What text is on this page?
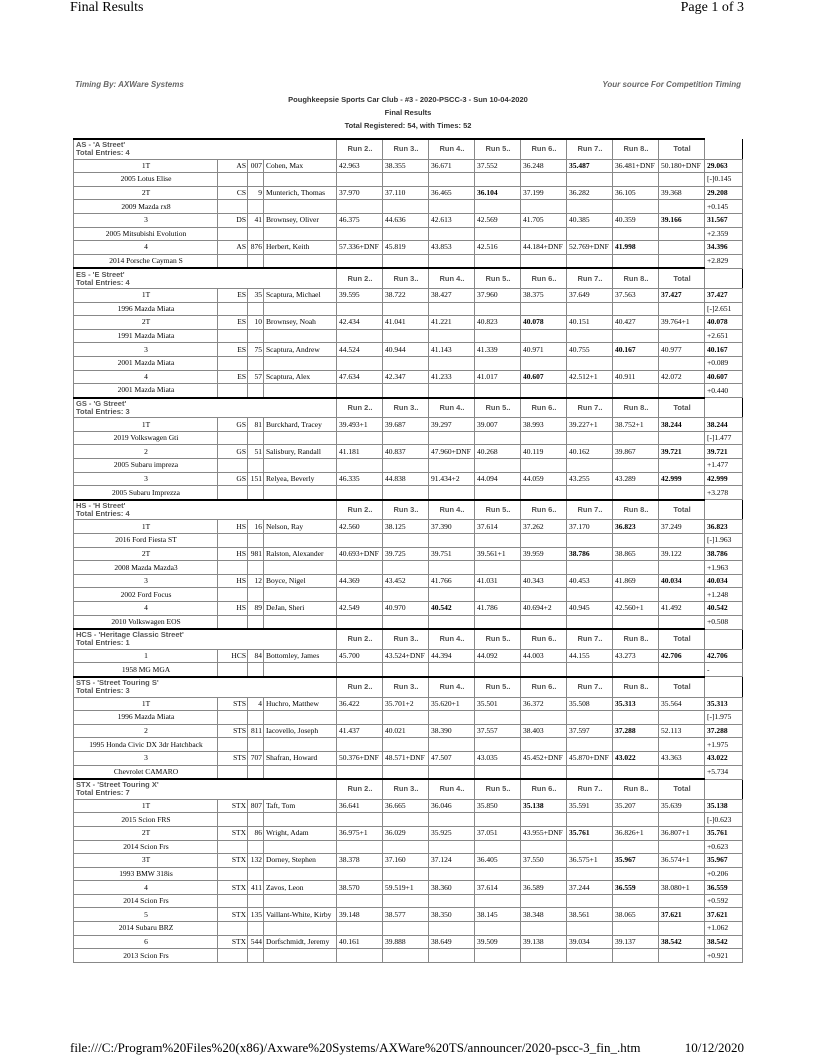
Final Results	Page 1 of 3
Timing By: AXWare Systems	Your source For Competition Timing
Poughkeepsie Sports Car Club - #3 - 2020-PSCC-3 - Sun 10-04-2020
Final Results
Total Registered: 54, with Times: 52
AS - 'A Street'
Total Entries: 4				Run 2..	Run 3..	Run 4..	Run 5..	Run 6..	Run 7..	Run 8..	Total	
1T	AS	007	Cohen, Max	42.963	38.355	36.671	37.552	36.248	35.487	36.481+DNF	50.180+DNF	29.063
2005 Lotus Elise												[-]0.145
2T	CS	9	Munterich, Thomas	37.970	37.110	36.465	36.104	37.199	36.282	36.105	39.368	29.208
2009 Mazda rx8												+0.145
3	DS	41	Brownsey, Oliver	46.375	44.636	42.613	42.569	41.705	40.385	40.359	39.166	31.567
2005 Mitsubishi Evolution												+2.359
4	AS	876	Herbert, Keith	57.336+DNF	45.819	43.853	42.516	44.184+DNF	52.769+DNF	41.998		34.396
2014 Porsche Cayman S												+2.829

ES - 'E Street'
Total Entries: 4				Run 2..	Run 3..	Run 4..	Run 5..	Run 6..	Run 7..	Run 8..	Total	
1T	ES	35	Scaptura, Michael	39.595	38.722	38.427	37.960	38.375	37.649	37.563	37.427	37.427
1996 Mazda Miata												[-]2.651
2T	ES	10	Brownsey, Noah	42.434	41.041	41.221	40.823	40.078	40.151	40.427	39.764+1	40.078
1991 Mazda Miata												+2.651
3	ES	75	Scaptura, Andrew	44.524	40.944	41.143	41.339	40.971	40.755	40.167	40.977	40.167
2001 Mazda Miata												+0.089
4	ES	57	Scaptura, Alex	47.634	42.347	41.233	41.017	40.607	42.512+1	40.911	42.072	40.607
2001 Mazda Miata												+0.440

GS - 'G Street'
Total Entries: 3				Run 2..	Run 3..	Run 4..	Run 5..	Run 6..	Run 7..	Run 8..	Total	
1T	GS	81	Burckhard, Tracey	39.493+1	39.687	39.297	39.007	38.993	39.227+1	38.752+1	38.244	38.244
2019 Volkswagen Gti												[-]1.477
2	GS	51	Salisbury, Randall	41.181	40.837	47.960+DNF	40.268	40.119	40.162	39.867	39.721	39.721
2005 Subaru impreza												+1.477
3	GS	151	Relyea, Beverly	46.335	44.838	91.434+2	44.094	44.059	43.255	43.289	42.999	42.999
2005 Subaru Imprezza												+3.278

HS - 'H Street'
Total Entries: 4				Run 2..	Run 3..	Run 4..	Run 5..	Run 6..	Run 7..	Run 8..	Total	
1T	HS	16	Nelson, Ray	42.560	38.125	37.390	37.614	37.262	37.170	36.823	37.249	36.823
2016 Ford Fiesta ST												[-]1.963
2T	HS	981	Ralston, Alexander	40.693+DNF	39.725	39.751	39.561+1	39.959	38.786	38.865	39.122	38.786
2008 Mazda Mazda3												+1.963
3	HS	12	Boyce, Nigel	44.369	43.452	41.766	41.031	40.343	40.453	41.869	40.034	40.034
2002 Ford Focus												+1.248
4	HS	89	DeJan, Sheri	42.549	40.970	40.542	41.786	40.694+2	40.945	42.560+1	41.492	40.542
2010 Volkswagen EOS												+0.508

HCS - 'Heritage Classic Street'
Total Entries: 1				Run 2..	Run 3..	Run 4..	Run 5..	Run 6..	Run 7..	Run 8..	Total	
1	HCS	84	Bottomley, James	45.700	43.524+DNF	44.394	44.092	44.003	44.155	43.273	42.706	42.706
1958 MG MGA												-

STS - 'Street Touring S'
Total Entries: 3				Run 2..	Run 3..	Run 4..	Run 5..	Run 6..	Run 7..	Run 8..	Total	
1T	STS	4	Huchro, Matthew	36.422	35.701+2	35.620+1	35.501	36.372	35.508	35.313	35.564	35.313
1996 Mazda Miata												[-]1.975
2	STS	811	Iacovello, Joseph	41.437	40.021	38.390	37.557	38.403	37.597	37.288	52.113	37.288
1995 Honda Civic DX 3dr Hatchback												+1.975
3	STS	707	Shafran, Howard	50.376+DNF	48.571+DNF	47.507	43.035	45.452+DNF	45.870+DNF	43.022	43.363	43.022
Chevrolet CAMARO												+5.734

STX - 'Street Touring X'
Total Entries: 7				Run 2..	Run 3..	Run 4..	Run 5..	Run 6..	Run 7..	Run 8..	Total	
1T	STX	807	Taft, Tom	36.641	36.665	36.046	35.850	35.138	35.591	35.207	35.639	35.138
2015 Scion FRS												[-]0.623
2T	STX	86	Wright, Adam	36.975+1	36.029	35.925	37.051	43.955+DNF	35.761	36.826+1	36.807+1	35.761
2014 Scion Frs												+0.623
3T	STX	132	Dorney, Stephen	38.378	37.160	37.124	36.405	37.550	36.575+1	35.967	36.574+1	35.967
1993 BMW 318is												+0.206
4	STX	411	Zavos, Leon	38.570	59.519+1	38.360	37.614	36.589	37.244	36.559	38.080+1	36.559
2014 Scion Frs												+0.592
5	STX	135	Vaillant-White, Kirby	39.148	38.577	38.350	38.145	38.348	38.561	38.065	37.621	37.621
2014 Subaru BRZ												+1.062
6	STX	544	Dorfschmidt, Jeremy	40.161	39.888	38.649	39.509	39.138	39.034	39.137	38.542	38.542
2013 Scion Frs												+0.921
file:///C:/Program%20Files%20(x86)/Axware%20Systems/AXWare%20TS/announcer/2020-pscc-3_fin_.htm	10/12/2020
